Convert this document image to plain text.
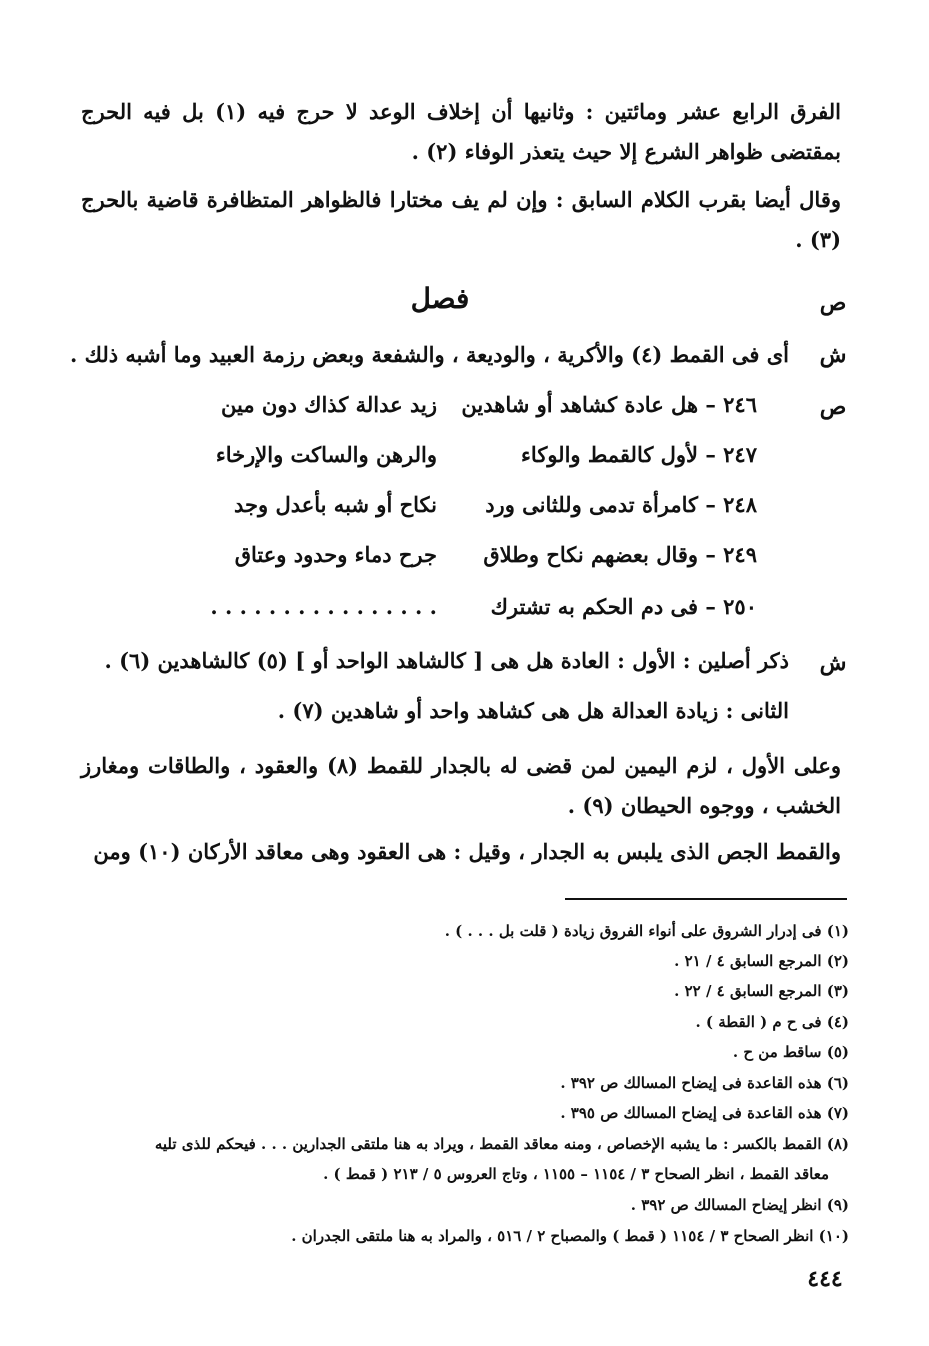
الفرق الرابع عشر ومائتين : وثانيها أن إخلاف الوعد لا حرج فيه (١) بل فيه الحرج بمقتضى ظواهر الشرع إلا حيث يتعذر الوفاء (٢) .
وقال أيضا بقرب الكلام السابق : وإن لم يف مختارا فالظواهر المتظافرة قاضية بالحرج (٣) .
ص
فصل
ش
أى فى القمط (٤) والأكرية ، والوديعة ، والشفعة وبعض رزمة العبيد وما أشبه ذلك .
ص
٢٤٦ – هل عادة كشاهد أو شاهدين
زيد عدالة كذاك دون مين
٢٤٧ – لأول كالقمط والوكاء
والرهن والساكت والإرخاء
٢٤٨ – كامرأة تدمى وللثانى ورد
نكاح أو شبه بأعدل وجد
٢٤٩ – وقال بعضهم نكاح وطلاق
جرح دماء وحدود وعتاق
٢٥٠ – فى دم الحكم به تشترك
. . . . . . . . . . . . . . . .
ش
ذكر أصلين : الأول : العادة هل هى [ كالشاهد الواحد أو ] (٥) كالشاهدين (٦) .
الثانى : زيادة العدالة هل هى كشاهد واحد أو شاهدين (٧) .
وعلى الأول ، لزم اليمين لمن قضى له بالجدار للقمط (٨) والعقود ، والطاقات ومغارز الخشب ، ووجوه الحيطان (٩) .
والقمط الجص الذى يلبس به الجدار ، وقيل : هى العقود وهى معاقد الأركان (١٠) ومن
(١) فى إدرار الشروق على أنواء الفروق زيادة ( قلت بل . . . ) .
(٢) المرجع السابق ٤ / ٢١ .
(٣) المرجع السابق ٤ / ٢٢ .
(٤) فى ح م ( القطة ) .
(٥) ساقط من ح .
(٦) هذه القاعدة فى إيضاح المسالك ص ٣٩٢ .
(٧) هذه القاعدة فى إيضاح المسالك ص ٣٩٥ .
(٨) القمط بالكسر : ما يشبه الإخصاص ، ومنه معاقد القمط ، ويراد به هنا ملتقى الجدارين . . . فيحكم للذى تليه
معاقد القمط ، انظر الصحاح ٣ / ١١٥٤ – ١١٥٥ ، وتاج العروس ٥ / ٢١٣ ( قمط ) .
(٩) انظر إيضاح المسالك ص ٣٩٢ .
(١٠) انظر الصحاح ٣ / ١١٥٤ ( قمط ) والمصباح ٢ / ٥١٦ ، والمراد به هنا ملتقى الجدران .
٤٤٤
